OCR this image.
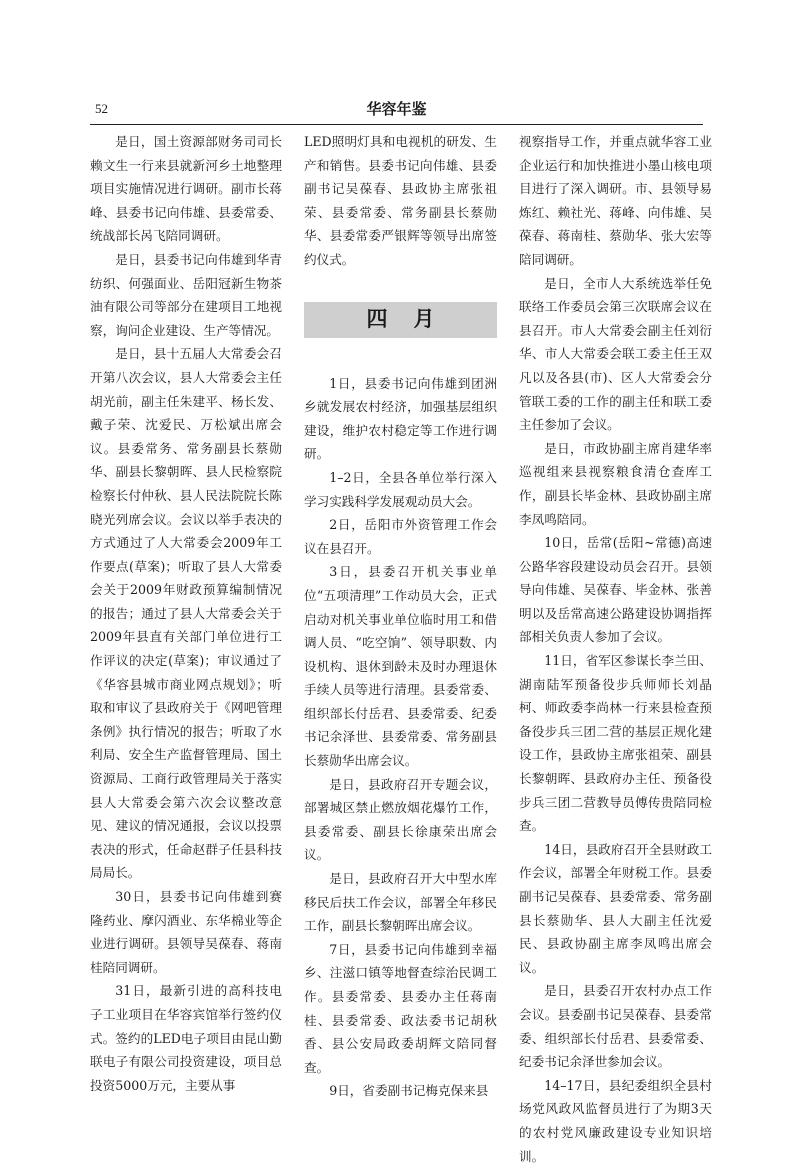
52	华容年鉴

是日，国土资源部财务司司长赖文生一行来县就新河乡土地整理项目实施情况进行调研。副市长蒋峰、县委书记向伟雄、县委常委、统战部长呙飞陪同调研。

是日，县委书记向伟雄到华青纺织、何强面业、岳阳冠新生物茶油有限公司等部分在建项目工地视察，询问企业建设、生产等情况。

是日，县十五届人大常委会召开第八次会议，县人大常委会主任胡光前，副主任朱建平、杨长发、戴子荣、沈爱民、万松斌出席会议。县委常务、常务副县长蔡勋华、副县长黎朝晖、县人民检察院检察长付仲秋、县人民法院院长陈晓光列席会议。会议以举手表决的方式通过了人大常委会2009年工作要点(草案)；听取了县人大常委会关于2009年财政预算编制情况的报告；通过了县人大常委会关于2009年县直有关部门单位进行工作评议的决定(草案)；审议通过了《华容县城市商业网点规划》；听取和审议了县政府关于《网吧管理条例》执行情况的报告；听取了水利局、安全生产监督管理局、国土资源局、工商行政管理局关于落实县人大常委会第六次会议整改意见、建议的情况通报，会议以投票表决的形式，任命赵群子任县科技局局长。

30日，县委书记向伟雄到赛隆药业、摩闪酒业、东华棉业等企业进行调研。县领导吴葆春、蒋南桂陪同调研。

31日，最新引进的高科技电子工业项目在华容宾馆举行签约仪式。签约的LED电子项目由昆山勤联电子有限公司投资建设，项目总投资5000万元，主要从事

LED照明灯具和电视机的研发、生产和销售。县委书记向伟雄、县委副书记吴葆春、县政协主席张祖荣、县委常委、常务副县长蔡勋华、县委常委严银辉等领导出席签约仪式。

四月

1日，县委书记向伟雄到团洲乡就发展农村经济，加强基层组织建设，维护农村稳定等工作进行调研。

1–2日，全县各单位举行深入学习实践科学发展观动员大会。

2日，岳阳市外资管理工作会议在县召开。

3日，县委召开机关事业单位“五项清理”工作动员大会，正式启动对机关事业单位临时用工和借调人员、“吃空饷”、领导职数、内设机构、退休到龄未及时办理退休手续人员等进行清理。县委常委、组织部长付岳君、县委常委、纪委书记余泽世、县委常委、常务副县长蔡勋华出席会议。

是日，县政府召开专题会议，部署城区禁止燃放烟花爆竹工作，县委常委、副县长徐康荣出席会议。

是日，县政府召开大中型水库移民后扶工作会议，部署全年移民工作，副县长黎朝晖出席会议。

7日，县委书记向伟雄到幸福乡、注滋口镇等地督查综治民调工作。县委常委、县委办主任蒋南桂、县委常委、政法委书记胡秋香、县公安局政委胡辉文陪同督查。

9日，省委副书记梅克保来县

视察指导工作，并重点就华容工业企业运行和加快推进小墨山核电项目进行了深入调研。市、县领导易炼红、赖社光、蒋峰、向伟雄、吴葆春、蒋南桂、蔡勋华、张大宏等陪同调研。

是日，全市人大系统选举任免联络工作委员会第三次联席会议在县召开。市人大常委会副主任刘衍华、市人大常委会联工委主任王双凡以及各县(市)、区人大常委会分管联工委的工作的副主任和联工委主任参加了会议。

是日，市政协副主席肖建华率巡视组来县视察粮食清仓查库工作，副县长毕金林、县政协副主席李凤鸣陪同。

10日，岳常(岳阳~常德)高速公路华容段建设动员会召开。县领导向伟雄、吴葆春、毕金林、张善明以及岳常高速公路建设协调指挥部相关负责人参加了会议。

11日，省军区参谋长李兰田、湖南陆军预备役步兵师师长刘晶柯、师政委李尚林一行来县检查预备役步兵三团二营的基层正规化建设工作，县政协主席张祖荣、副县长黎朝晖、县政府办主任、预备役步兵三团二营教导员傅传贵陪同检查。

14日，县政府召开全县财政工作会议，部署全年财税工作。县委副书记吴葆春、县委常委、常务副县长蔡勋华、县人大副主任沈爱民、县政协副主席李凤鸣出席会议。

是日，县委召开农村办点工作会议。县委副书记吴葆春、县委常委、组织部长付岳君、县委常委、纪委书记余泽世参加会议。

14–17日，县纪委组织全县村场党风政风监督员进行了为期3天的农村党风廉政建设专业知识培训。
